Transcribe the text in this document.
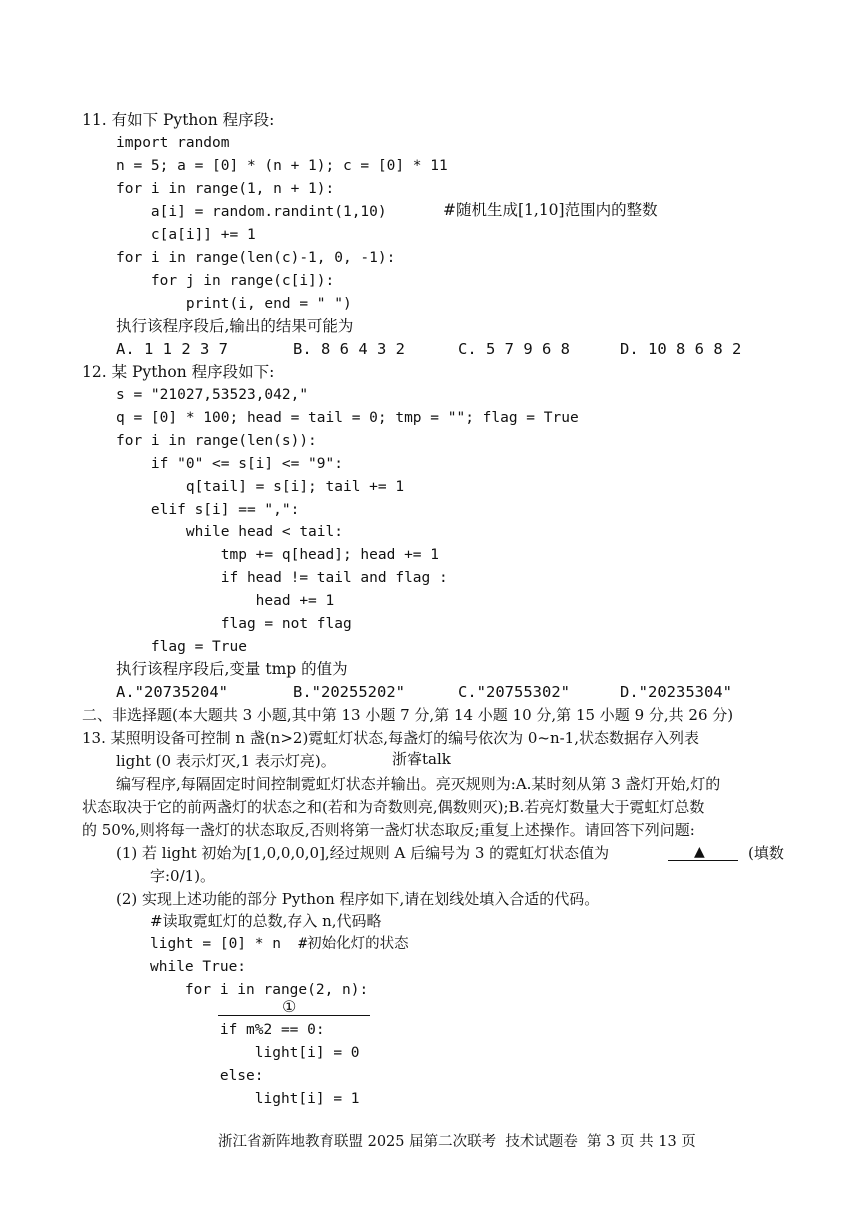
11. 有如下 Python 程序段:
import random
n = 5; a = [0] * (n + 1); c = [0] * 11
for i in range(1, n + 1):
a[i] = random.randint(1,10)	#随机生成[1,10]范围内的整数
c[a[i]] += 1
for i in range(len(c)-1, 0, -1):
for j in range(c[i]):
print(i, end = " ")
执行该程序段后,输出的结果可能为
A. 1 1 2 3 7	B. 8 6 4 3 2	C. 5 7 9 6 8	D. 10 8 6 8 2
12. 某 Python 程序段如下:
s = "21027,53523,042,"
q = [0] * 100; head = tail = 0; tmp = ""; flag = True
for i in range(len(s)):
if "0" <= s[i] <= "9":
q[tail] = s[i]; tail += 1
elif s[i] == ",":
while head < tail:
tmp += q[head]; head += 1
if head != tail and flag :
head += 1
flag = not flag
flag = True
执行该程序段后,变量 tmp 的值为
A."20735204"	B."20255202"	C."20755302"	D."20235304"
二、非选择题(本大题共 3 小题,其中第 13 小题 7 分,第 14 小题 10 分,第 15 小题 9 分,共 26 分)
13. 某照明设备可控制 n 盏(n>2)霓虹灯状态,每盏灯的编号依次为 0~n-1,状态数据存入列表
light (0 表示灯灭,1 表示灯亮)。	浙睿talk
编写程序,每隔固定时间控制霓虹灯状态并输出。亮灭规则为:A.某时刻从第 3 盏灯开始,灯的
状态取决于它的前两盏灯的状态之和(若和为奇数则亮,偶数则灭);B.若亮灯数量大于霓虹灯总数
的 50%,则将每一盏灯的状态取反,否则将第一盏灯状态取反;重复上述操作。请回答下列问题:
(1) 若 light 初始为[1,0,0,0,0],经过规则 A 后编号为 3 的霓虹灯状态值为	▲	(填数
字:0/1)。
(2) 实现上述功能的部分 Python 程序如下,请在划线处填入合适的代码。
#读取霓虹灯的总数,存入 n,代码略
light = [0] * n  #初始化灯的状态
while True:
for i in range(2, n):
①
if m%2 == 0:
light[i] = 0
else:
light[i] = 1
浙江省新阵地教育联盟 2025 届第二次联考  技术试题卷  第 3 页 共 13 页
